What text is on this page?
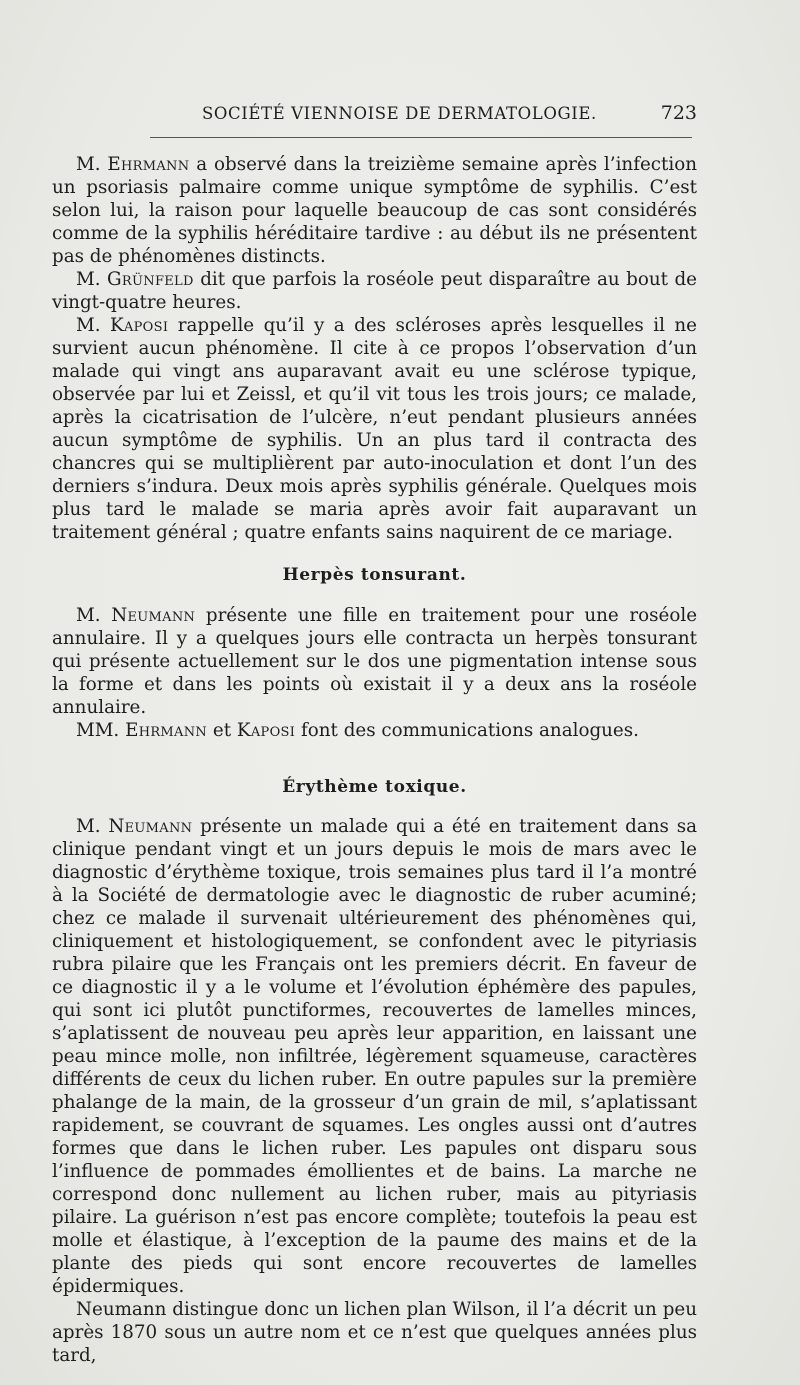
SOCIÉTÉ VIENNOISE DE DERMATOLOGIE.	723

M. Ehrmann a observé dans la treizième semaine après l’infection un psoriasis palmaire comme unique symptôme de syphilis. C’est selon lui, la raison pour laquelle beaucoup de cas sont considérés comme de la syphilis héréditaire tardive : au début ils ne présentent pas de phénomènes distincts.

M. Grünfeld dit que parfois la roséole peut disparaître au bout de vingt-quatre heures.

M. Kaposi rappelle qu’il y a des scléroses après lesquelles il ne survient aucun phénomène. Il cite à ce propos l’observation d’un malade qui vingt ans auparavant avait eu une sclérose typique, observée par lui et Zeissl, et qu’il vit tous les trois jours; ce malade, après la cicatrisation de l’ulcère, n’eut pendant plusieurs années aucun symptôme de syphilis. Un an plus tard il contracta des chancres qui se multiplièrent par auto-inoculation et dont l’un des derniers s’indura. Deux mois après syphilis générale. Quelques mois plus tard le malade se maria après avoir fait auparavant un traitement général ; quatre enfants sains naquirent de ce mariage.

Herpès tonsurant.

M. Neumann présente une fille en traitement pour une roséole annulaire. Il y a quelques jours elle contracta un herpès tonsurant qui présente actuellement sur le dos une pigmentation intense sous la forme et dans les points où existait il y a deux ans la roséole annulaire.

MM. Ehrmann et Kaposi font des communications analogues.

Érythème toxique.

M. Neumann présente un malade qui a été en traitement dans sa clinique pendant vingt et un jours depuis le mois de mars avec le diagnostic d’érythème toxique, trois semaines plus tard il l’a montré à la Société de dermatologie avec le diagnostic de ruber acuminé; chez ce malade il survenait ultérieurement des phénomènes qui, cliniquement et histologiquement, se confondent avec le pityriasis rubra pilaire que les Français ont les premiers décrit. En faveur de ce diagnostic il y a le volume et l’évolution éphémère des papules, qui sont ici plutôt punctiformes, recouvertes de lamelles minces, s’aplatissent de nouveau peu après leur apparition, en laissant une peau mince molle, non infiltrée, légèrement squameuse, caractères différents de ceux du lichen ruber. En outre papules sur la première phalange de la main, de la grosseur d’un grain de mil, s’aplatissant rapidement, se couvrant de squames. Les ongles aussi ont d’autres formes que dans le lichen ruber. Les papules ont disparu sous l’influence de pommades émollientes et de bains. La marche ne correspond donc nullement au lichen ruber, mais au pityriasis pilaire. La guérison n’est pas encore complète; toutefois la peau est molle et élastique, à l’exception de la paume des mains et de la plante des pieds qui sont encore recouvertes de lamelles épidermiques.

Neumann distingue donc un lichen plan Wilson, il l’a décrit un peu après 1870 sous un autre nom et ce n’est que quelques années plus tard,
